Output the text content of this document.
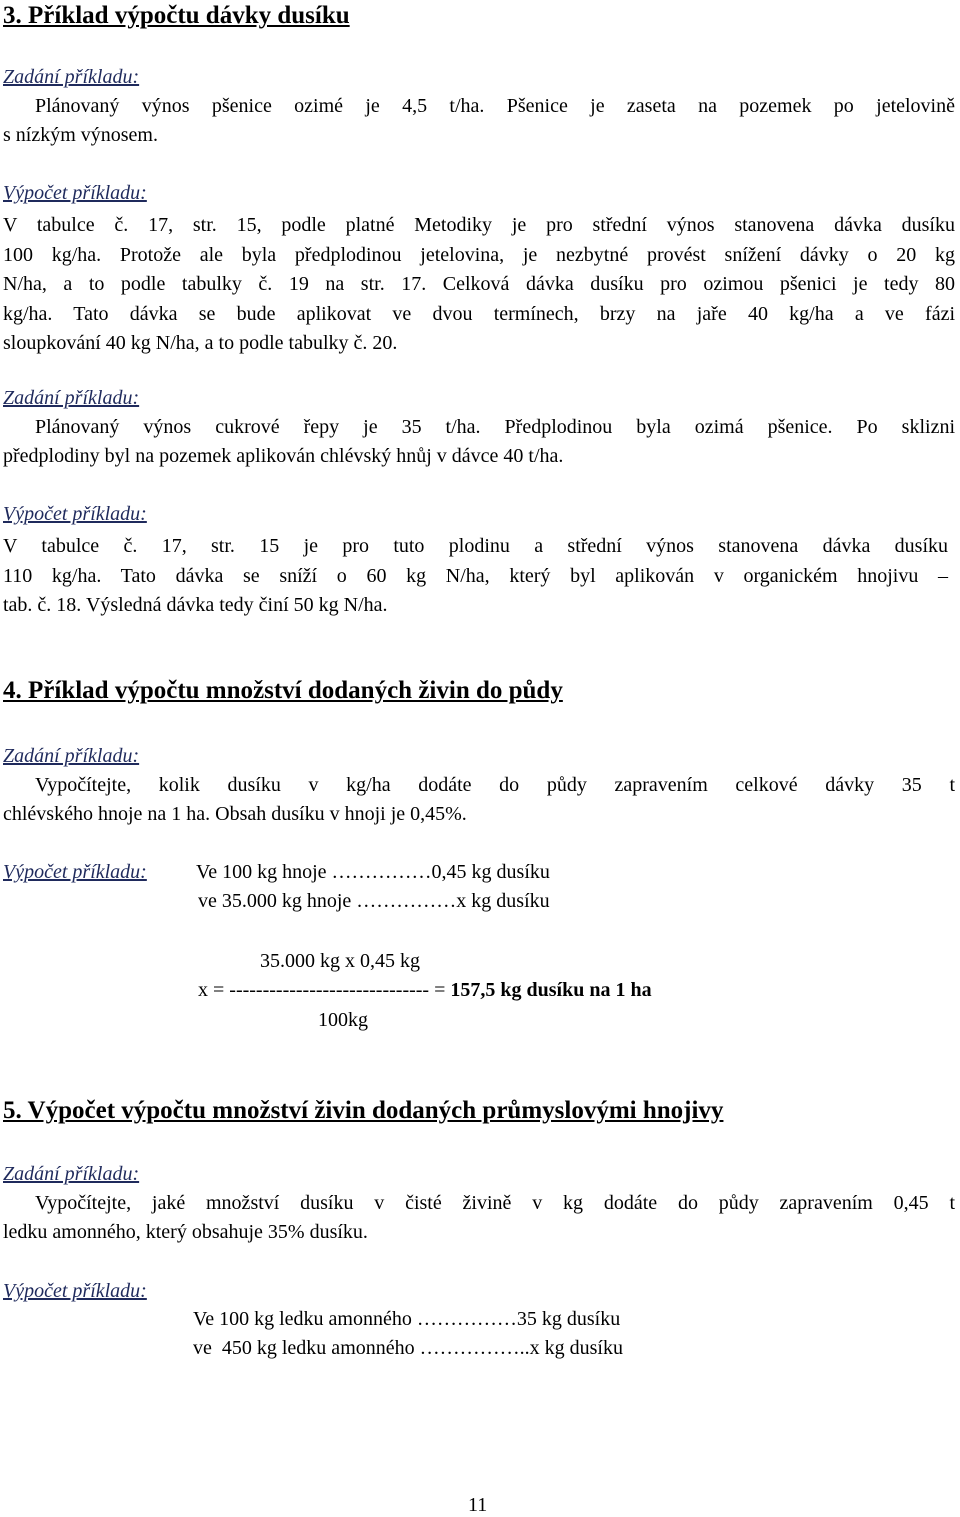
3. Příklad výpočtu dávky dusíku
Zadání příkladu:
Plánovaný výnos pšenice ozimé je 4,5 t/ha. Pšenice je zaseta na pozemek po jetelovině
s nízkým výnosem.
Výpočet příkladu:
V tabulce č. 17, str. 15, podle platné Metodiky je pro střední výnos stanovena dávka dusíku
100 kg/ha. Protože ale byla předplodinou jetelovina, je nezbytné provést snížení dávky o 20 kg
N/ha, a to podle tabulky č. 19 na str. 17. Celková dávka dusíku pro ozimou pšenici je tedy 80
kg/ha. Tato dávka se bude aplikovat ve dvou termínech, brzy na jaře 40 kg/ha a ve fázi
sloupkování 40 kg N/ha, a to podle tabulky č. 20.
Zadání příkladu:
Plánovaný výnos cukrové řepy je 35 t/ha. Předplodinou byla ozimá pšenice. Po sklizni
předplodiny byl na pozemek aplikován chlévský hnůj v dávce 40 t/ha.
Výpočet příkladu:
V tabulce č. 17, str. 15 je pro tuto plodinu a střední výnos stanovena dávka dusíku
110 kg/ha. Tato dávka se sníží o 60 kg N/ha, který byl aplikován v organickém hnojivu –
tab. č. 18. Výsledná dávka tedy činí 50 kg N/ha.
4. Příklad výpočtu množství dodaných živin do půdy
Zadání příkladu:
Vypočítejte, kolik dusíku v kg/ha dodáte do půdy zapravením celkové dávky 35 t
chlévského hnoje na 1 ha. Obsah dusíku v hnoji je 0,45%.
Výpočet příkladu: Ve 100 kg hnoje ……………0,45 kg dusíku
ve 35.000 kg hnoje ……………x kg dusíku
35.000 kg x 0,45 kg
x = ------------------------------ = 157,5 kg dusíku na 1 ha
100kg
5. Výpočet výpočtu množství živin dodaných průmyslovými hnojivy
Zadání příkladu:
Vypočítejte, jaké množství dusíku v čisté živině v kg dodáte do půdy zapravením 0,45 t
ledku amonného, který obsahuje 35% dusíku.
Výpočet příkladu:
Ve 100 kg ledku amonného ……………35 kg dusíku
ve  450 kg ledku amonného ……………..x kg dusíku
11
